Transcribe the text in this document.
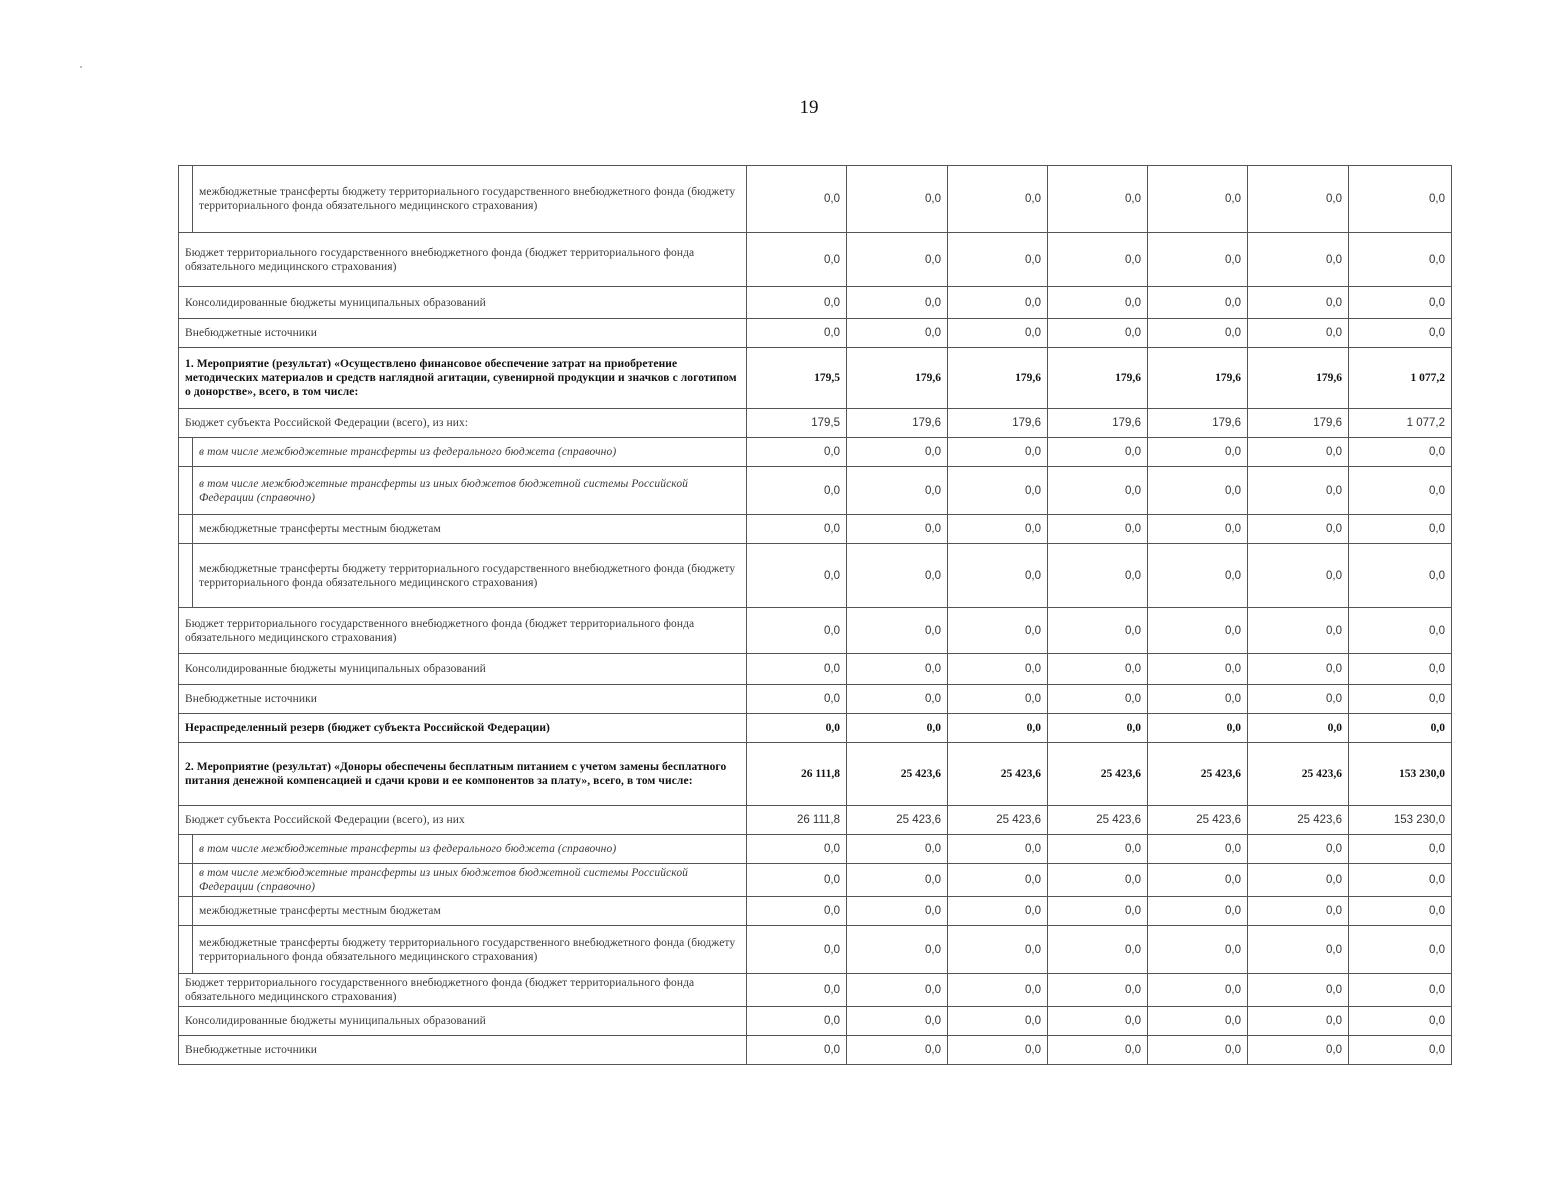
19
	межбюджетные трансферты бюджету территориального государственного внебюджетного фонда (бюджету территориального фонда обязательного медицинского страхования)	0,0	0,0	0,0	0,0	0,0	0,0	0,0
Бюджет территориального государственного внебюджетного фонда (бюджет территориального фонда обязательного медицинского страхования)		0,0	0,0	0,0	0,0	0,0	0,0	0,0
Консолидированные бюджеты муниципальных образований		0,0	0,0	0,0	0,0	0,0	0,0	0,0
Внебюджетные источники		0,0	0,0	0,0	0,0	0,0	0,0	0,0
1. Мероприятие (результат) «Осуществлено финансовое обеспечение затрат на приобретение методических материалов и средств наглядной агитации, сувенирной продукции и значков с логотипом о донорстве», всего, в том числе:		179,5	179,6	179,6	179,6	179,6	179,6	1 077,2
Бюджет субъекта Российской Федерации (всего), из них:		179,5	179,6	179,6	179,6	179,6	179,6	1 077,2
	в том числе межбюджетные трансферты из федерального бюджета (справочно)	0,0	0,0	0,0	0,0	0,0	0,0	0,0
	в том числе межбюджетные трансферты из иных бюджетов бюджетной системы Российской Федерации (справочно)	0,0	0,0	0,0	0,0	0,0	0,0	0,0
	межбюджетные трансферты местным бюджетам	0,0	0,0	0,0	0,0	0,0	0,0	0,0
	межбюджетные трансферты бюджету территориального государственного внебюджетного фонда (бюджету территориального фонда обязательного медицинского страхования)	0,0	0,0	0,0	0,0	0,0	0,0	0,0
Бюджет территориального государственного внебюджетного фонда (бюджет территориального фонда обязательного медицинского страхования)		0,0	0,0	0,0	0,0	0,0	0,0	0,0
Консолидированные бюджеты муниципальных образований		0,0	0,0	0,0	0,0	0,0	0,0	0,0
Внебюджетные источники		0,0	0,0	0,0	0,0	0,0	0,0	0,0
Нераспределенный резерв (бюджет субъекта Российской Федерации)		0,0	0,0	0,0	0,0	0,0	0,0	0,0
2. Мероприятие (результат) «Доноры обеспечены бесплатным питанием с учетом замены бесплатного питания денежной компенсацией и сдачи крови и ее компонентов за плату», всего, в том числе:		26 111,8	25 423,6	25 423,6	25 423,6	25 423,6	25 423,6	153 230,0
Бюджет субъекта Российской Федерации (всего), из них		26 111,8	25 423,6	25 423,6	25 423,6	25 423,6	25 423,6	153 230,0
	в том числе межбюджетные трансферты из федерального бюджета (справочно)	0,0	0,0	0,0	0,0	0,0	0,0	0,0
	в том числе межбюджетные трансферты из иных бюджетов бюджетной системы Российской Федерации (справочно)	0,0	0,0	0,0	0,0	0,0	0,0	0,0
	межбюджетные трансферты местным бюджетам	0,0	0,0	0,0	0,0	0,0	0,0	0,0
	межбюджетные трансферты бюджету территориального государственного внебюджетного фонда (бюджету территориального фонда обязательного медицинского страхования)	0,0	0,0	0,0	0,0	0,0	0,0	0,0
Бюджет территориального государственного внебюджетного фонда (бюджет территориального фонда обязательного медицинского страхования)		0,0	0,0	0,0	0,0	0,0	0,0	0,0
Консолидированные бюджеты муниципальных образований		0,0	0,0	0,0	0,0	0,0	0,0	0,0
Внебюджетные источники		0,0	0,0	0,0	0,0	0,0	0,0	0,0
